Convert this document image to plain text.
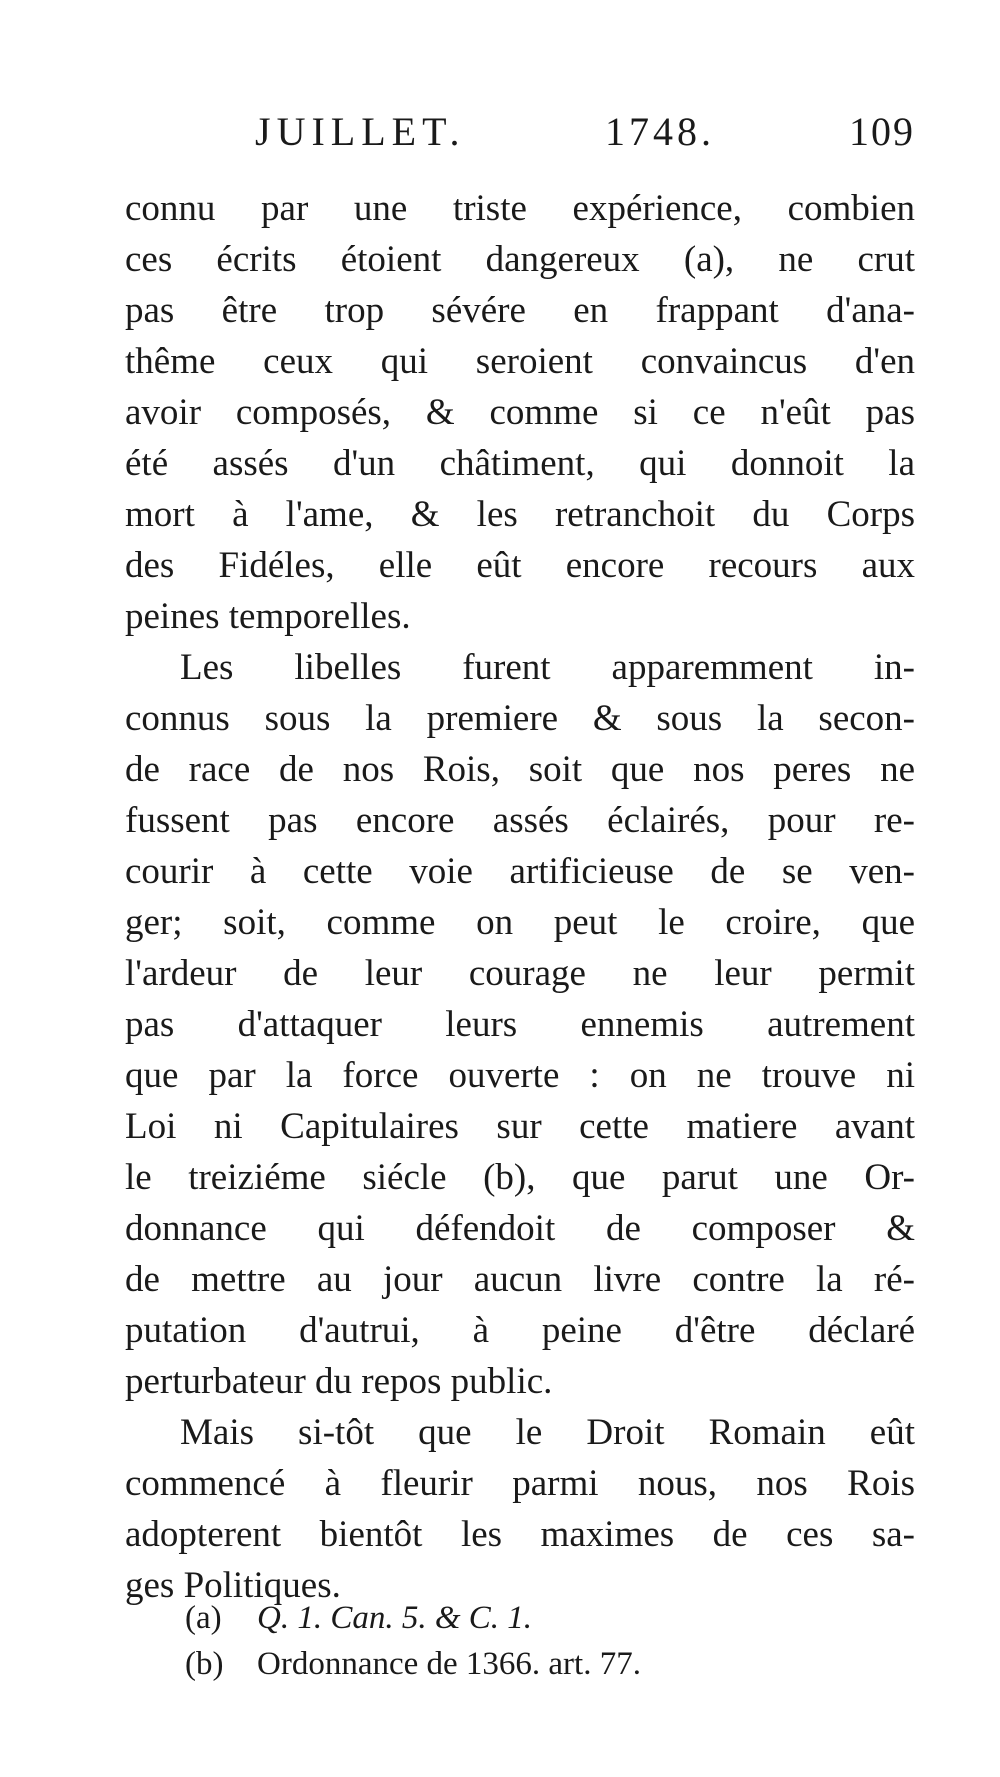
JUILLET.	1748.	109
connu par une triste expérience, combien
ces écrits étoient dangereux (a), ne crut
pas être trop sévére en frappant d'ana-
thême ceux qui seroient convaincus d'en
avoir composés, & comme si ce n'eût pas
été assés d'un châtiment, qui donnoit la
mort à l'ame, & les retranchoit du Corps
des Fidéles, elle eût encore recours aux
peines temporelles.
Les libelles furent apparemment in-
connus sous la premiere & sous la secon-
de race de nos Rois, soit que nos peres ne
fussent pas encore assés éclairés, pour re-
courir à cette voie artificieuse de se ven-
ger; soit, comme on peut le croire, que
l'ardeur de leur courage ne leur permit
pas d'attaquer leurs ennemis autrement
que par la force ouverte : on ne trouve ni
Loi ni Capitulaires sur cette matiere avant
le treiziéme siécle (b), que parut une Or-
donnance qui défendoit de composer &
de mettre au jour aucun livre contre la ré-
putation d'autrui, à peine d'être déclaré
perturbateur du repos public.
Mais si-tôt que le Droit Romain eût
commencé à fleurir parmi nous, nos Rois
adopterent bientôt les maximes de ces sa-
ges Politiques.
(a) Q. 1. Can. 5. & C. 1.
(b) Ordonnance de 1366. art. 77.
